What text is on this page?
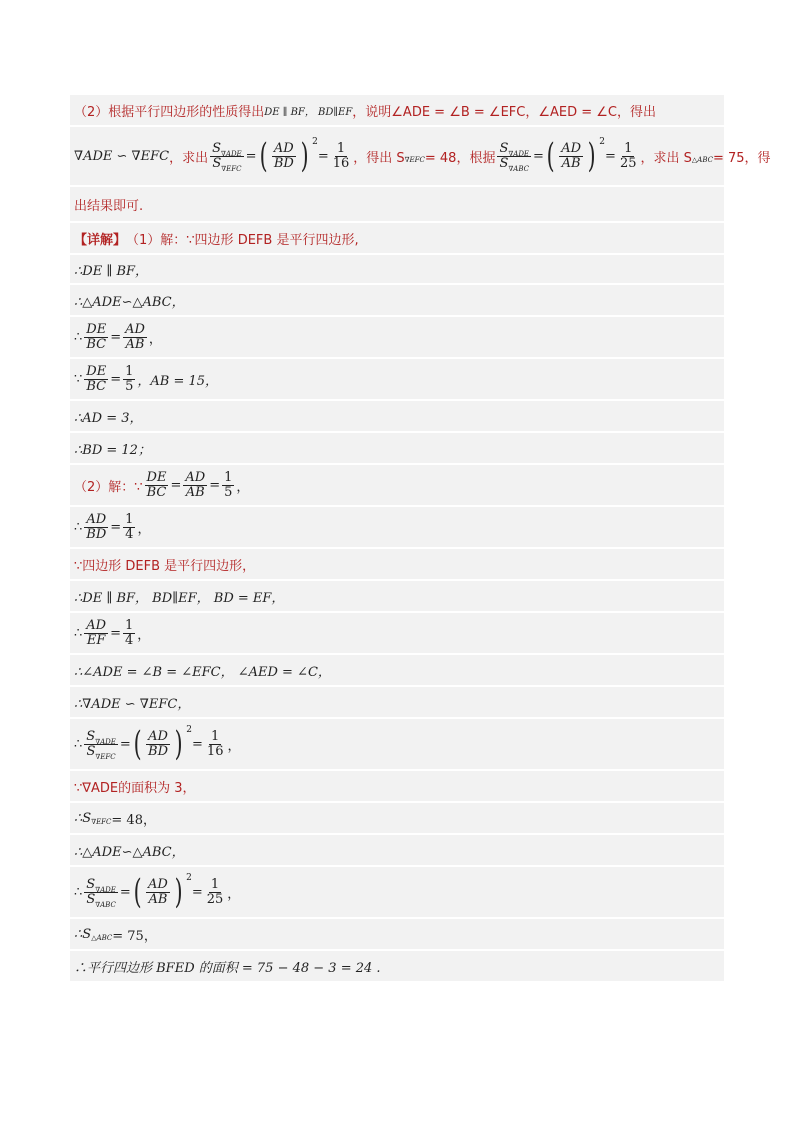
（2）根据平行四边形的性质得出 DE ∥ BF， BD∥EF ，说明∠ADE = ∠B = ∠EFC，∠AED = ∠C，得出
∇ADE ∽ ∇EFC ，求出 $\frac{S_{\nabla ADE}}{S_{\nabla EFC}}$ = ( $\frac{AD}{BD}$ ) 2
= $\frac{1}{16}$ ，得出 S ∇EFC = 48，根据 $\frac{S_{\nabla ADE}}{S_{\nabla ABC}}$ = ( $\frac{AD}{AB}$ ) 2
= $\frac{1}{25}$ ，求出 S △ABC = 75，得
出结果即可.
【详解】 （1）解：∵四边形 DEFB 是平行四边形,
∴DE ∥ BF，
∴△ADE∽△ABC，
∴ $\frac{DE}{BC} = \frac{AD}{AB}$ ，
∵ $\frac{DE}{BC} = \frac{1}{5}$ ，AB = 15，
∴AD = 3，
∴BD = 12；
（2）解：∵ $\frac{DE}{BC} = \frac{AD}{AB} = \frac{1}{5}$ ，
∴ $\frac{AD}{BD} = \frac{1}{4}$ ，
∵四边形 DEFB 是平行四边形，
∴DE ∥ BF， BD∥EF， BD = EF，
∴ $\frac{AD}{EF} = \frac{1}{4}$ ，
∴∠ADE = ∠B = ∠EFC， ∠AED = ∠C，
∴∇ADE ∽ ∇EFC，
∴ $\frac{S_{\nabla ADE}}{S_{\nabla EFC}}$ = ( $\frac{AD}{BD}$ ) 2
= $\frac{1}{16}$ ，
∵∇ADE的面积为 3，
∴S ∇EFC = 48，
∴△ADE∽△ABC，
∴ $\frac{S_{\nabla ADE}}{S_{\nabla ABC}}$ = ( $\frac{AD}{AB}$ ) 2
= $\frac{1}{25}$ ，
∴S △ABC = 75，
∴平行四边形 BFED 的面积 = 75 − 48 − 3 = 24 .
